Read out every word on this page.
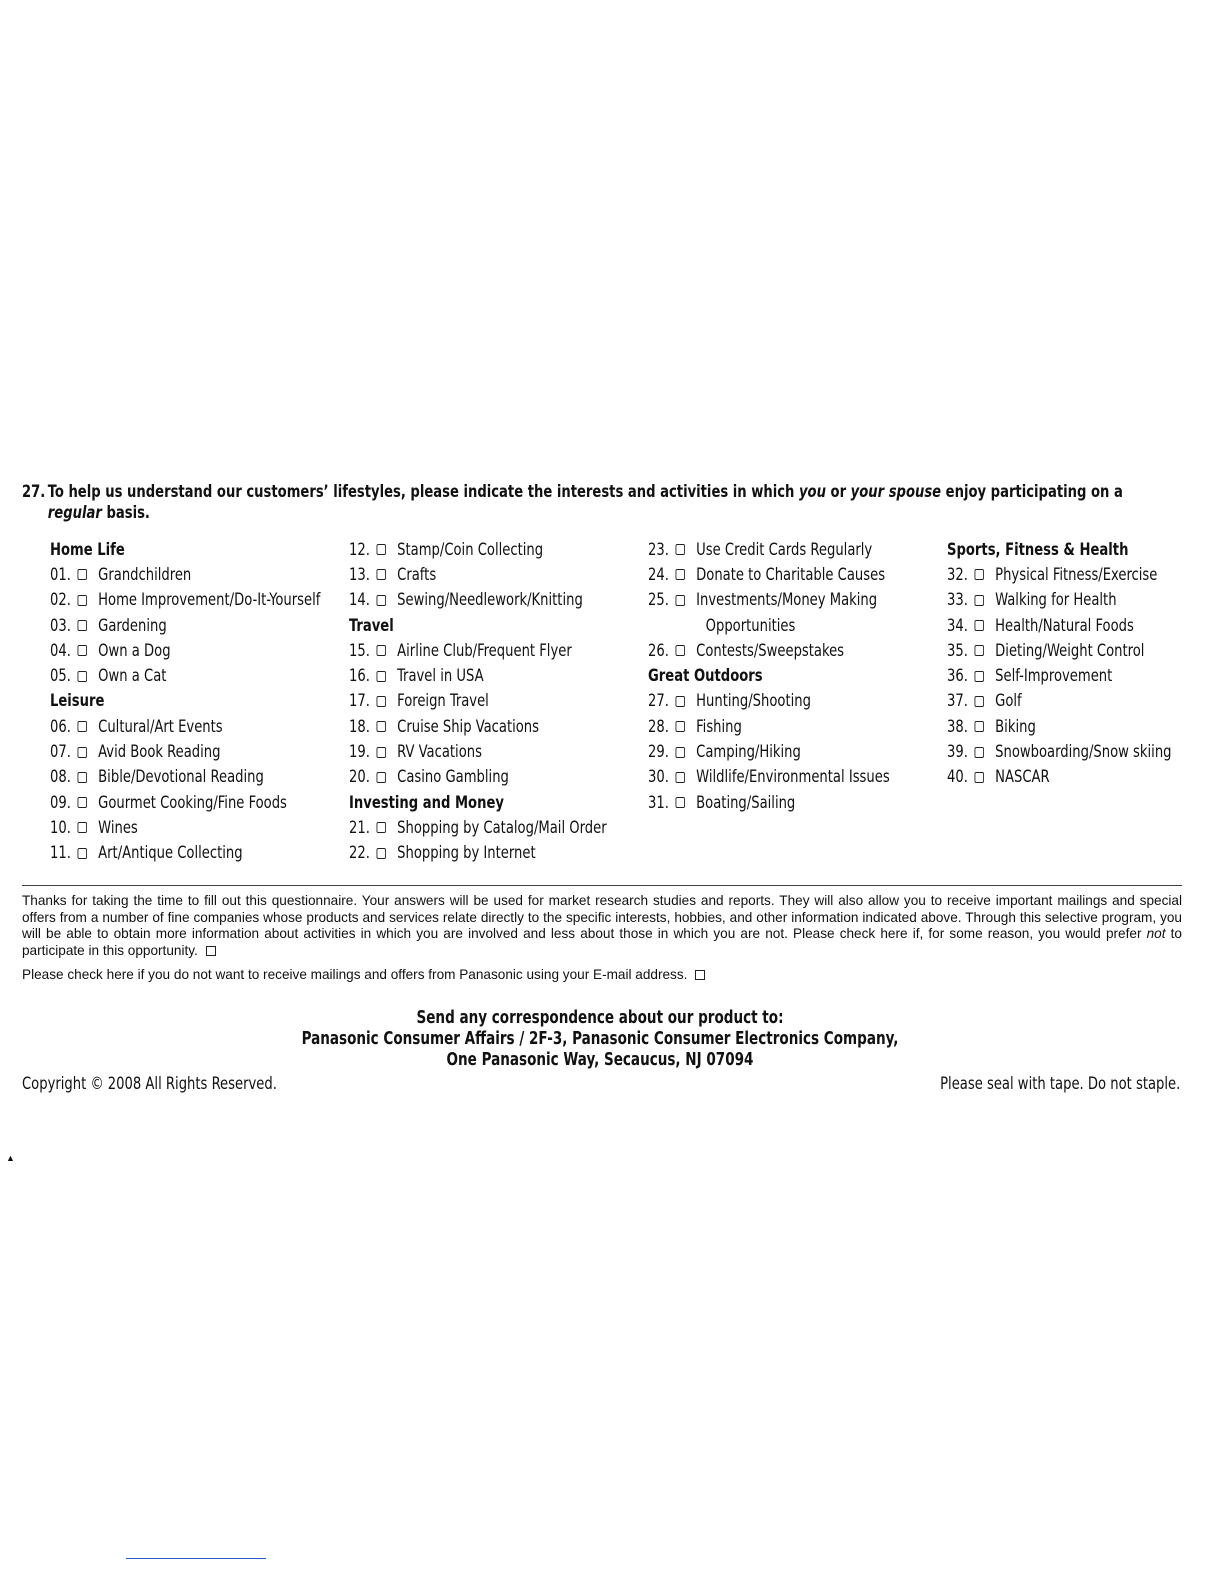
27. To help us understand our customers’ lifestyles, please indicate the interests and activities in which you or your spouse enjoy participating on a
regular basis.
Home Life
01. Grandchildren
02. Home Improvement/Do-It-Yourself
03. Gardening
04. Own a Dog
05. Own a Cat
Leisure
06. Cultural/Art Events
07. Avid Book Reading
08. Bible/Devotional Reading
09. Gourmet Cooking/Fine Foods
10. Wines
11. Art/Antique Collecting
12. Stamp/Coin Collecting
13. Crafts
14. Sewing/Needlework/Knitting
Travel
15. Airline Club/Frequent Flyer
16. Travel in USA
17. Foreign Travel
18. Cruise Ship Vacations
19. RV Vacations
20. Casino Gambling
Investing and Money
21. Shopping by Catalog/Mail Order
22. Shopping by Internet
23. Use Credit Cards Regularly
24. Donate to Charitable Causes
25. Investments/Money Making
Opportunities
26. Contests/Sweepstakes
Great Outdoors
27. Hunting/Shooting
28. Fishing
29. Camping/Hiking
30. Wildlife/Environmental Issues
31. Boating/Sailing
Sports, Fitness & Health
32. Physical Fitness/Exercise
33. Walking for Health
34. Health/Natural Foods
35. Dieting/Weight Control
36. Self-Improvement
37. Golf
38. Biking
39. Snowboarding/Snow skiing
40. NASCAR
Thanks for taking the time to fill out this questionnaire. Your answers will be used for market research studies and reports. They will also allow you to receive important mailings and special offers from a number of fine companies whose products and services relate directly to the specific interests, hobbies, and other information indicated above. Through this selective program, you will be able to obtain more information about activities in which you are involved and less about those in which you are not. Please check here if, for some reason, you would prefer not to participate in this opportunity.
Please check here if you do not want to receive mailings and offers from Panasonic using your E-mail address.
Send any correspondence about our product to:
Panasonic Consumer Affairs / 2F-3, Panasonic Consumer Electronics Company,
One Panasonic Way, Secaucus, NJ 07094
Copyright © 2008 All Rights Reserved.	Please seal with tape. Do not staple.
▲
